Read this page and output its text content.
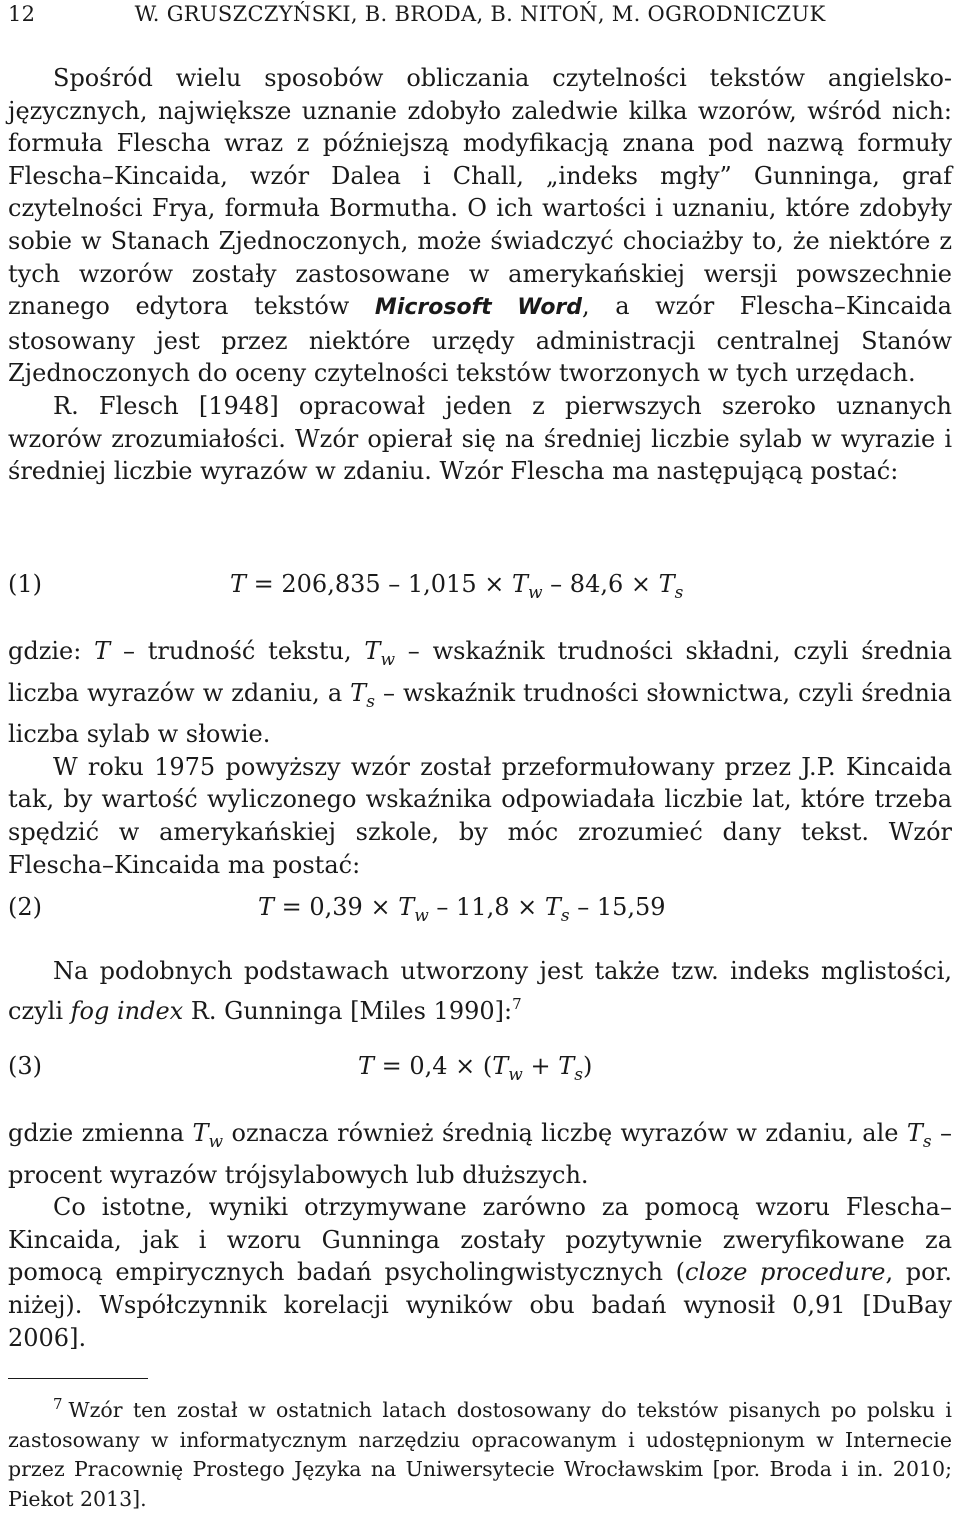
12	W. GRUSZCZYŃSKI, B. BRODA, B. NITOŃ, M. OGRODNICZUK

Spośród wielu sposobów obliczania czytelności tekstów angielsko-języcznych, największe uznanie zdobyło zaledwie kilka wzorów, wśród nich: formuła Flescha wraz z późniejszą modyfikacją znana pod nazwą formuły Flescha–Kincaida, wzór Dalea i Chall, „indeks mgły” Gunninga, graf czytelności Frya, formuła Bormutha. O ich wartości i uznaniu, które zdobyły sobie w Stanach Zjednoczonych, może świadczyć chociażby to, że niektóre z tych wzorów zostały zastosowane w amerykańskiej wersji powszechnie znanego edytora tekstów Microsoft Word, a wzór Flescha–Kincaida stosowany jest przez niektóre urzędy administracji centralnej Stanów Zjednoczonych do oceny czytelności tekstów tworzonych w tych urzędach.

R. Flesch [1948] opracował jeden z pierwszych szeroko uznanych wzorów zrozumiałości. Wzór opierał się na średniej liczbie sylab w wyrazie i średniej liczbie wyrazów w zdaniu. Wzór Flescha ma następującą postać:

(1)	$T = 206,835 - 1,015 \times T_w - 84,6 \times T_s$

gdzie: T – trudność tekstu, $T_w$ – wskaźnik trudności składni, czyli średnia liczba wyrazów w zdaniu, a $T_s$ – wskaźnik trudności słownictwa, czyli średnia liczba sylab w słowie.

W roku 1975 powyższy wzór został przeformułowany przez J.P. Kincaida tak, by wartość wyliczonego wskaźnika odpowiadała liczbie lat, które trzeba spędzić w amerykańskiej szkole, by móc zrozumieć dany tekst. Wzór Flescha–Kincaida ma postać:

(2)	$T = 0,39 \times T_w - 11,8 \times T_s - 15,59$

Na podobnych podstawach utworzony jest także tzw. indeks mglistości, czyli fog index R. Gunninga [Miles 1990]:$^7$

(3)	$T = 0,4 \times (T_w + T_s)$

gdzie zmienna $T_w$ oznacza również średnią liczbę wyrazów w zdaniu, ale $T_s$ – procent wyrazów trójsylabowych lub dłuższych.

Co istotne, wyniki otrzymywane zarówno za pomocą wzoru Flescha–Kincaida, jak i wzoru Gunninga zostały pozytywnie zweryfikowane za pomocą empirycznych badań psycholingwistycznych (cloze procedure, por. niżej). Współczynnik korelacji wyników obu badań wynosił 0,91 [DuBay 2006].

$^7$ Wzór ten został w ostatnich latach dostosowany do tekstów pisanych po polsku i zastosowany w informatycznym narzędziu opracowanym i udostępnionym w Internecie przez Pracownię Prostego Języka na Uniwersytecie Wrocławskim [por. Broda i in. 2010; Piekot 2013].
